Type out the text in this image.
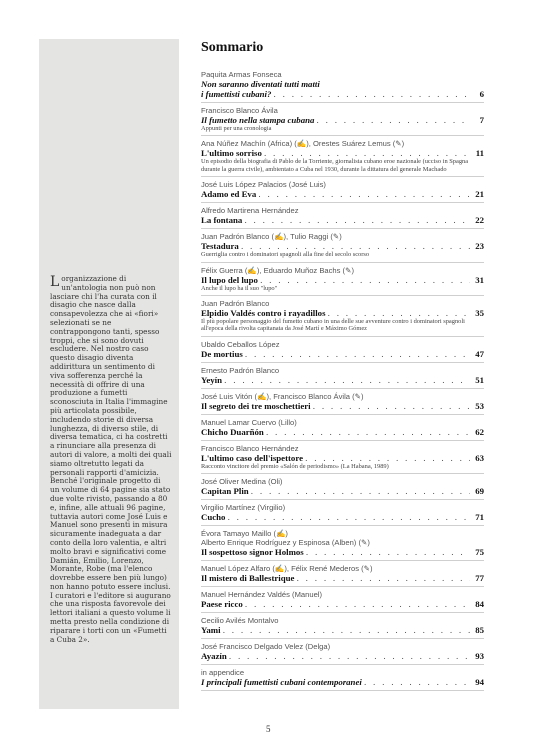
Lorganizzazione di un'antologia non può non lasciare chi l'ha curata con il disagio che nasce dalla consapevolezza che ai «fiori» selezionati se ne contrappongono tanti, spesso troppi, che si sono dovuti escludere. Nel nostro caso questo disagio diventa addirittura un sentimento di viva sofferenza perché la necessità di offrire di una produzione a fumetti sconosciuta in Italia l'immagine più articolata possibile, includendo storie di diversa lunghezza, di diverso stile, di diversa tematica, ci ha costretti a rinunciare alla presenza di autori di valore, a molti dei quali siamo oltretutto legati da personali rapporti d'amicizia. Benché l'originale progetto di un volume di 64 pagine sia stato due volte rivisto, passando a 80 e, infine, alle attuali 96 pagine, tuttavia autori come José Luis e Manuel sono presenti in misura sicuramente inadeguata a dar conto della loro valentia, e altri molto bravi e significativi come Damián, Emilio, Lorenzo, Morante, Robe (ma l'elenco dovrebbe essere ben più lungo) non hanno potuto essere inclusi. I curatori e l'editore si augurano che una risposta favorevole dei lettori italiani a questo volume li metta presto nella condizione di riparare i torti con un «Fumetti a Cuba 2».
Sommario
Paquita Armas Fonseca
Non saranno diventati tutti matti
i fumettisti cubani? . . .	6
Francisco Blanco Ávila
Il fumetto nella stampa cubana . . .	7
Appunti per una cronologia
Ana Núñez Machín (Africa) (✍), Orestes Suárez Lemus (✎)
L'ultimo sorriso . . .	11
Un episodio della biografia di Pablo de la Torriente, giornalista cubano eroe nazionale (ucciso in Spagna durante la guerra civile), ambientato a Cuba nel 1930, durante la dittatura del generale Machado
José Luis López Palacios (José Luis)
Adamo ed Eva . . .	21
Alfredo Martirena Hernández
La fontana . . .	22
Juan Padrón Blanco (✍), Tulio Raggi (✎)
Testadura . . .	23
Guerriglia contro i dominatori spagnoli alla fine del secolo scorso
Félix Guerra (✍), Eduardo Muñoz Bachs (✎)
Il lupo del lupo . . .	31
Anche il lupo ha il suo "lupo"
Juan Padrón Blanco
Elpidio Valdés contro i rayadillos . . .	35
Il più popolare personaggio del fumetto cubano in una delle sue avventure contro i dominatori spagnoli all'epoca della rivolta capitanata da José Martí e Máximo Gómez
Ubaldo Ceballos López
De mortius . . .	47
Ernesto Padrón Blanco
Yeyín . . .	51
José Luis Vitón (✍), Francisco Blanco Ávila (✎)
Il segreto dei tre moschettieri . . .	53
Manuel Lamar Cuervo (Lillo)
Chicho Duarñón . . .	62
Francisco Blanco Hernández
L'ultimo caso dell'ispettore . . .	63
Racconto vincitore del premio «Salón de periodismo» (La Habana, 1989)
José Oliver Medina (Oli)
Capitan Plin . . .	69
Virgilio Martínez (Virgilio)
Cucho . . .	71
Évora Tamayo Maillo (✍)
Alberto Enrique Rodríguez y Espinosa (Alben) (✎)
Il sospettoso signor Holmos . . .	75
Manuel López Alfaro (✍), Félix René Mederos (✎)
Il mistero di Ballestrique . . .	77
Manuel Hernández Valdés (Manuel)
Paese ricco . . .	84
Cecilio Avilés Montalvo
Yami . . .	85
José Francisco Delgado Velez (Delga)
Ayazín . . .	93
in appendice
I principali fumettisti cubani contemporanei . . .	94
5
